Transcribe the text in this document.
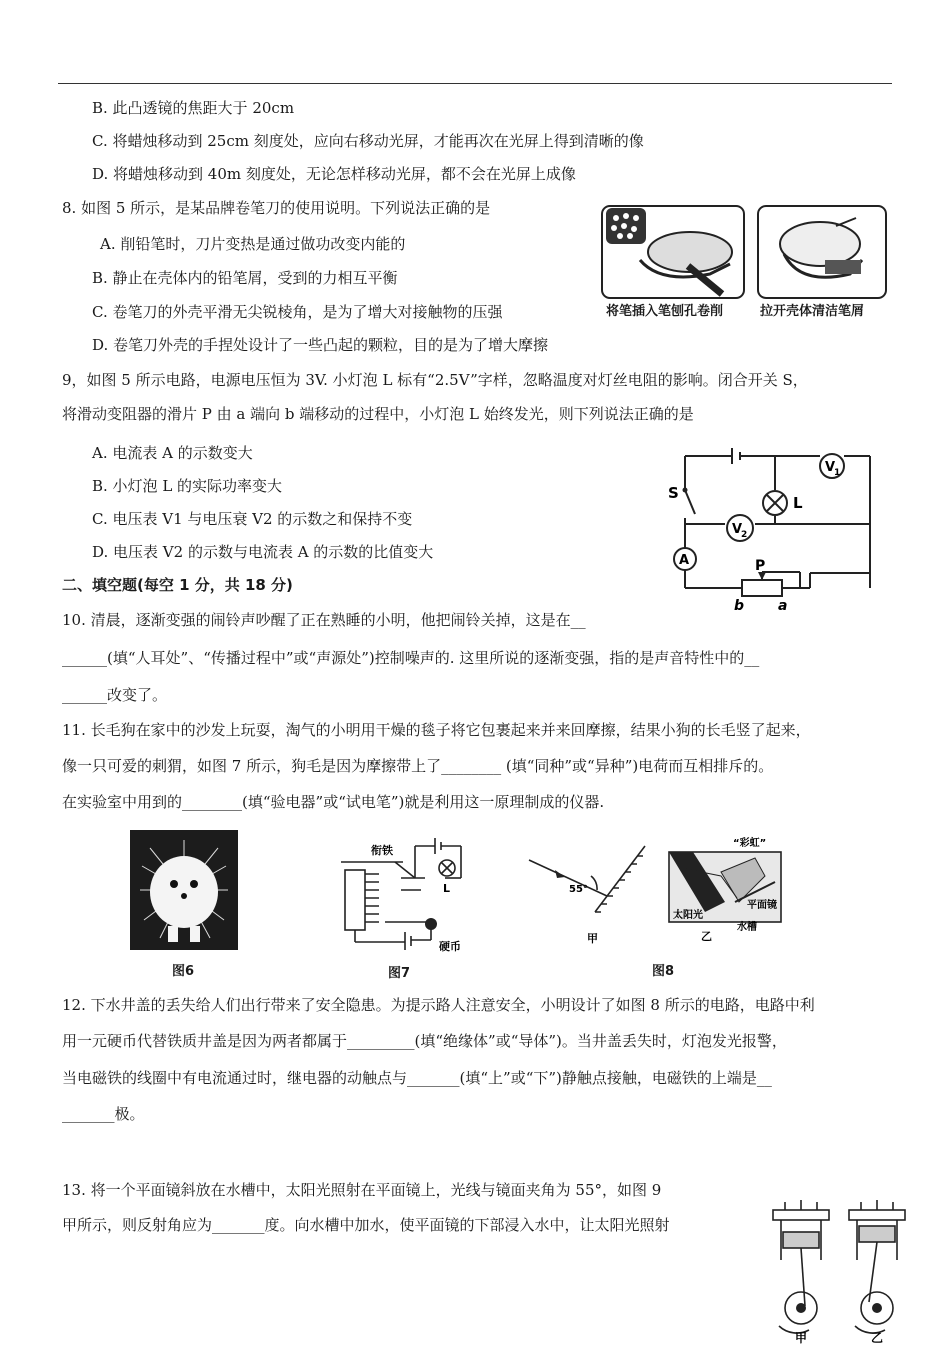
B. 此凸透镜的焦距大于 20cm
C. 将蜡烛移动到 25cm 刻度处，应向右移动光屏，才能再次在光屏上得到清晰的像
D. 将蜡烛移动到 40m 刻度处，无论怎样移动光屏，都不会在光屏上成像
8. 如图 5 所示，是某品牌卷笔刀的使用说明。下列说法正确的是
A. 削铅笔时，刀片变热是通过做功改变内能的
B. 静止在壳体内的铅笔屑，受到的力相互平衡
C. 卷笔刀的外壳平滑无尖锐棱角，是为了增大对接触物的压强
D. 卷笔刀外壳的手捏处设计了一些凸起的颗粒，目的是为了增大摩擦
将笔插入笔刨孔卷削	拉开壳体清洁笔屑
9，如图 5 所示电路，电源电压恒为 3V. 小灯泡 L 标有“2.5V”字样，忽略温度对灯丝电阻的影响。闭合开关 S，
将滑动变阻器的滑片 P 由 a 端向 b 端移动的过程中，小灯泡 L 始终发光，则下列说法正确的是
A. 电流表 A 的示数变大
B. 小灯泡 L 的实际功率变大
C. 电压表 V1 与电压衰 V2 的示数之和保持不变
D. 电压表 V2 的示数与电流表 A 的示数的比值变大
S
L
V
1
V
2
A	P
b a
二、填空题(每空 1 分，共 18 分)
10. 清晨，逐渐变强的闹铃声吵醒了正在熟睡的小明，他把闹铃关掉，这是在__
______(填“人耳处”、“传播过程中”或“声源处”)控制噪声的. 这里所说的逐渐变强，指的是声音特性中的__
______改变了。
11. 长毛狗在家中的沙发上玩耍，淘气的小明用干燥的毯子将它包裹起来并来回摩擦，结果小狗的长毛竖了起来，
像一只可爱的刺猬，如图 7 所示，狗毛是因为摩擦带上了________ (填“同种”或“异种”)电荷而互相排斥的。
在实验室中用到的________(填“验电器”或“试电笔”)就是利用这一原理制成的仪器.
图6
衔铁
L
硬币
图7
55°
甲
“彩虹”
太阳光
平面镜
水槽
乙
图8
12. 下水井盖的丢失给人们出行带来了安全隐患。为提示路人注意安全，小明设计了如图 8 所示的电路，电路中利
用一元硬币代替铁质井盖是因为两者都属于_________(填“绝缘体”或“导体”)。当井盖丢失时，灯泡发光报警，
当电磁铁的线圈中有电流通过时，继电器的动触点与_______(填“上”或“下”)静触点接触，电磁铁的上端是__
_______极。
13. 将一个平面镜斜放在水槽中，太阳光照射在平面镜上，光线与镜面夹角为 55°，如图 9
甲所示，则反射角应为_______度。向水槽中加水，使平面镜的下部浸入水中，让太阳光照射
甲	乙
